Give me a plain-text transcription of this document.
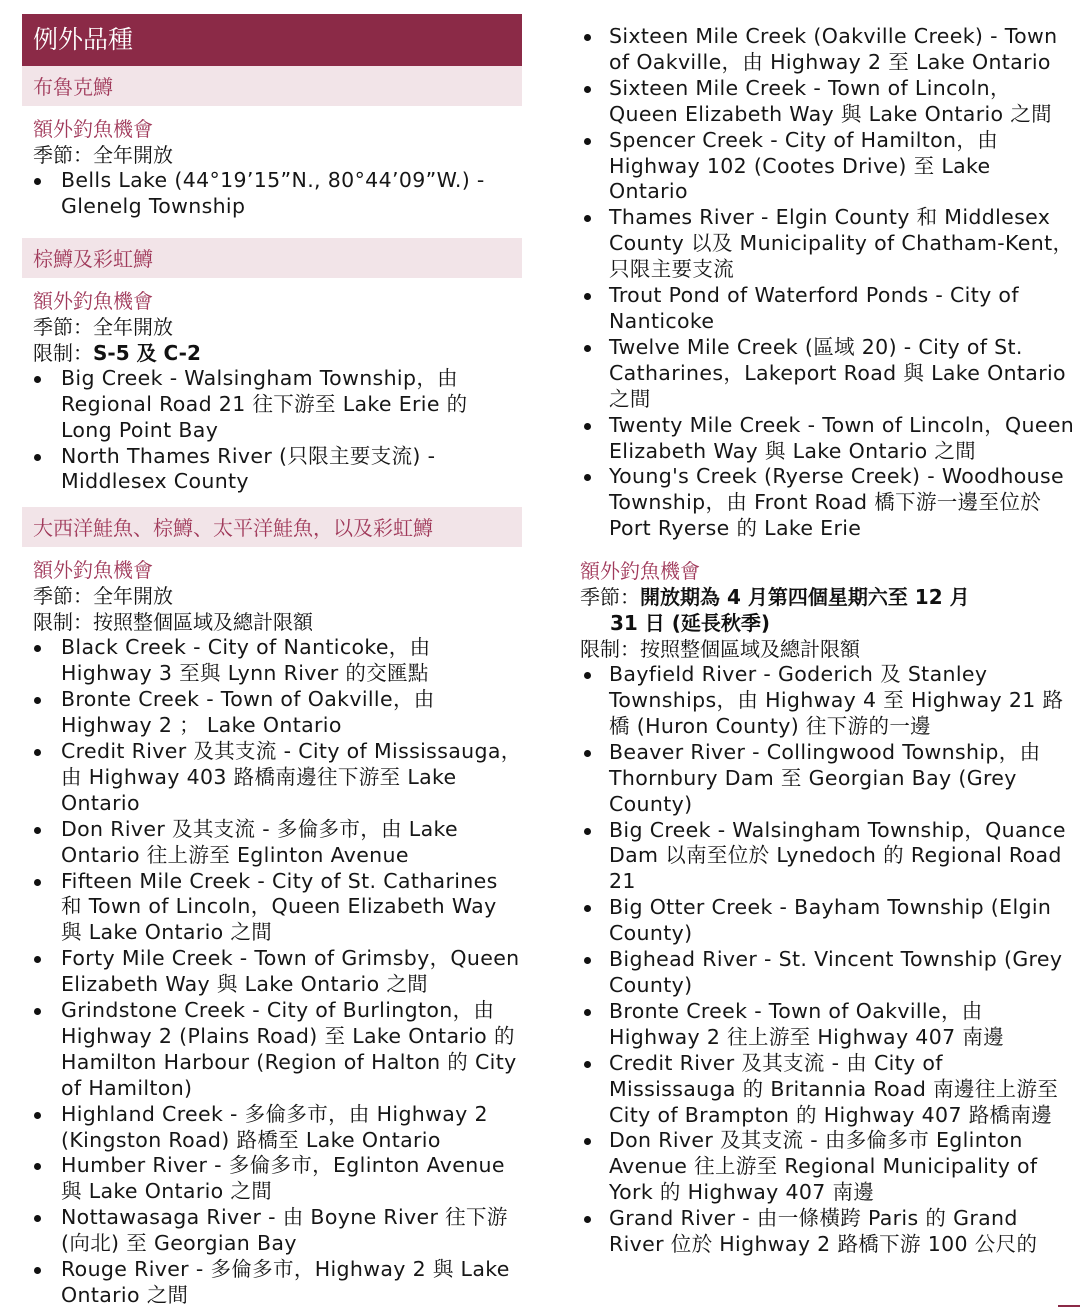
例外品種
布魯克鱒
額外釣魚機會
季節：全年開放
Bells Lake (44°19’15”N., 80°44’09”W.) - Glenelg Township
棕鱒及彩虹鱒
額外釣魚機會
季節：全年開放
限制：S-5 及 C-2
Big Creek - Walsingham Township，由 Regional Road 21 往下游至 Lake Erie 的 Long Point Bay
North Thames River (只限主要支流) - Middlesex County
大西洋鮭魚、棕鱒、太平洋鮭魚，以及彩虹鱒
額外釣魚機會
季節：全年開放
限制：按照整個區域及總計限額
Black Creek - City of Nanticoke，由 Highway 3 至與 Lynn River 的交匯點
Bronte Creek - Town of Oakville，由 Highway 2 ； Lake Ontario
Credit River 及其支流 - City of Mississauga，由 Highway 403 路橋南邊往下游至 Lake Ontario
Don River 及其支流 - 多倫多市，由 Lake Ontario 往上游至 Eglinton Avenue
Fifteen Mile Creek - City of St. Catharines 和 Town of Lincoln，Queen Elizabeth Way 與 Lake Ontario 之間
Forty Mile Creek - Town of Grimsby，Queen Elizabeth Way 與 Lake Ontario 之間
Grindstone Creek - City of Burlington，由 Highway 2 (Plains Road) 至 Lake Ontario 的 Hamilton Harbour (Region of Halton 的 City of Hamilton)
Highland Creek - 多倫多市，由 Highway 2 (Kingston Road) 路橋至 Lake Ontario
Humber River - 多倫多市，Eglinton Avenue 與 Lake Ontario 之間
Nottawasaga River - 由 Boyne River 往下游 (向北) 至 Georgian Bay
Rouge River - 多倫多市，Highway 2 與 Lake Ontario 之間
Sixteen Mile Creek (Oakville Creek) - Town of Oakville，由 Highway 2 至 Lake Ontario
Sixteen Mile Creek - Town of Lincoln，Queen Elizabeth Way 與 Lake Ontario 之間
Spencer Creek - City of Hamilton，由 Highway 102 (Cootes Drive) 至 Lake Ontario
Thames River - Elgin County 和 Middlesex County 以及 Municipality of Chatham-Kent，只限主要支流
Trout Pond of Waterford Ponds - City of Nanticoke
Twelve Mile Creek (區域 20) - City of St. Catharines，Lakeport Road 與 Lake Ontario 之間
Twenty Mile Creek - Town of Lincoln，Queen Elizabeth Way 與 Lake Ontario 之間
Young's Creek (Ryerse Creek) - Woodhouse Township，由 Front Road 橋下游一邊至位於 Port Ryerse 的 Lake Erie
額外釣魚機會
季節：開放期為 4 月第四個星期六至 12 月
31 日 (延長秋季)
限制：按照整個區域及總計限額
Bayfield River - Goderich 及 Stanley Townships，由 Highway 4 至 Highway 21 路橋 (Huron County) 往下游的一邊
Beaver River - Collingwood Township，由 Thornbury Dam 至 Georgian Bay (Grey County)
Big Creek - Walsingham Township，Quance Dam 以南至位於 Lynedoch 的 Regional Road 21
Big Otter Creek - Bayham Township (Elgin County)
Bighead River - St. Vincent Township (Grey County)
Bronte Creek - Town of Oakville，由 Highway 2 往上游至 Highway 407 南邊
Credit River 及其支流 - 由 City of Mississauga 的 Britannia Road 南邊往上游至 City of Brampton 的 Highway 407 路橋南邊
Don River 及其支流 - 由多倫多市 Eglinton Avenue 往上游至 Regional Municipality of York 的 Highway 407 南邊
Grand River - 由一條橫跨 Paris 的 Grand River 位於 Highway 2 路橋下游 100 公尺的
